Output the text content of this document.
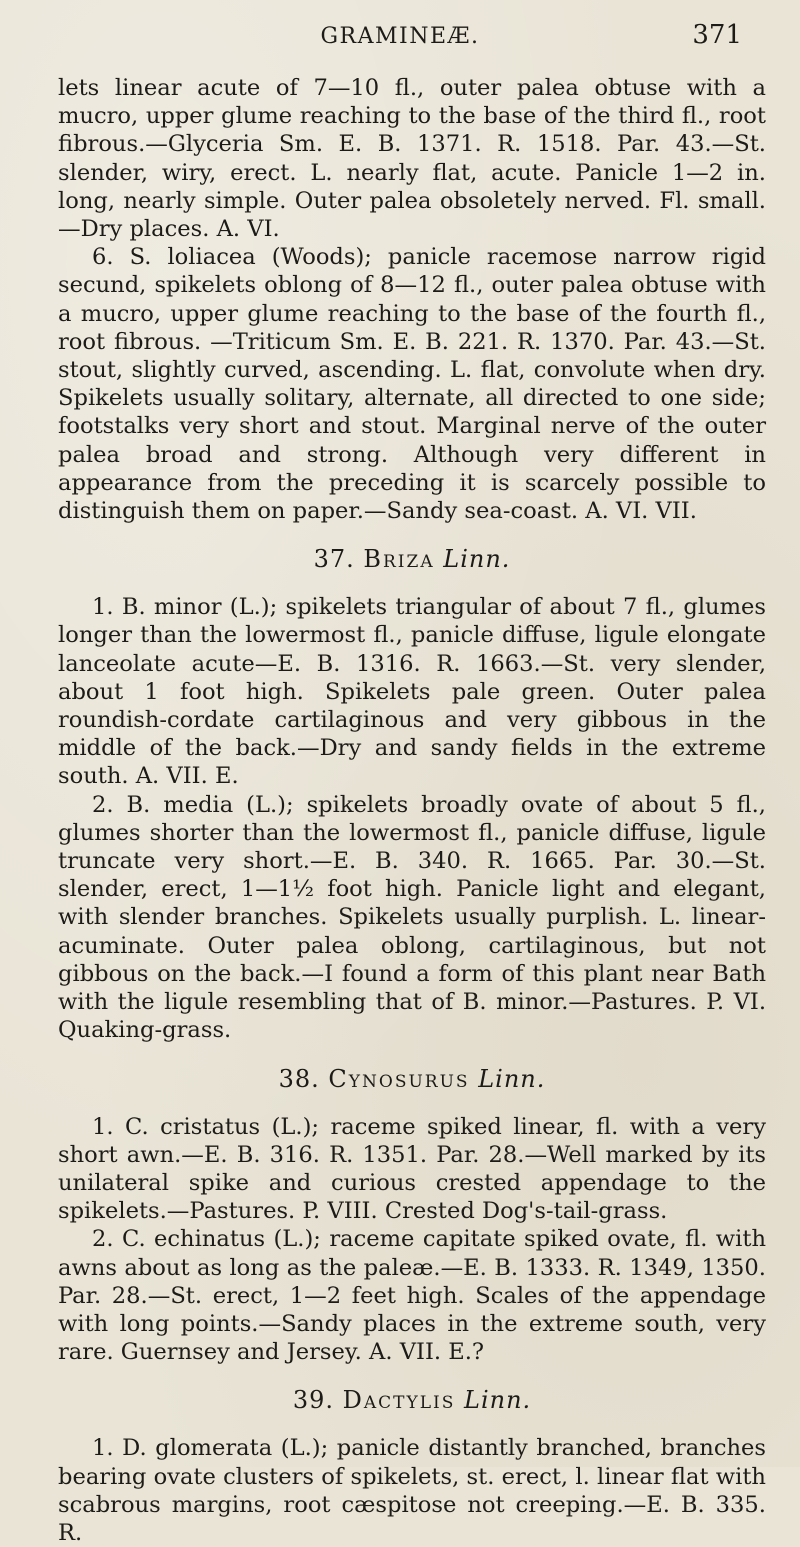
GRAMINEÆ.	371

lets linear acute of 7—10 fl., outer palea obtuse with a mucro, upper glume reaching to the base of the third fl., root fibrous.—Glyceria Sm. E. B. 1371. R. 1518. Par. 43.—St. slender, wiry, erect. L. nearly flat, acute. Panicle 1—2 in. long, nearly simple. Outer palea obsoletely nerved. Fl. small.—Dry places. A. VI.

6. S. loliacea (Woods); panicle racemose narrow rigid secund, spikelets oblong of 8—12 fl., outer palea obtuse with a mucro, upper glume reaching to the base of the fourth fl., root fibrous. —Triticum Sm. E. B. 221. R. 1370. Par. 43.—St. stout, slightly curved, ascending. L. flat, convolute when dry. Spikelets usually solitary, alternate, all directed to one side; footstalks very short and stout. Marginal nerve of the outer palea broad and strong. Although very different in appearance from the preceding it is scarcely possible to distinguish them on paper.—Sandy sea-coast. A. VI. VII.

37. Briza Linn.

1. B. minor (L.); spikelets triangular of about 7 fl., glumes longer than the lowermost fl., panicle diffuse, ligule elongate lanceolate acute—E. B. 1316. R. 1663.—St. very slender, about 1 foot high. Spikelets pale green. Outer palea roundish-cordate cartilaginous and very gibbous in the middle of the back.—Dry and sandy fields in the extreme south. A. VII. E.

2. B. media (L.); spikelets broadly ovate of about 5 fl., glumes shorter than the lowermost fl., panicle diffuse, ligule truncate very short.—E. B. 340. R. 1665. Par. 30.—St. slender, erect, 1—1½ foot high. Panicle light and elegant, with slender branches. Spikelets usually purplish. L. linear-acuminate. Outer palea oblong, cartilaginous, but not gibbous on the back.—I found a form of this plant near Bath with the ligule resembling that of B. minor.—Pastures. P. VI. Quaking-grass.

38. Cynosurus Linn.

1. C. cristatus (L.); raceme spiked linear, fl. with a very short awn.—E. B. 316. R. 1351. Par. 28.—Well marked by its unilateral spike and curious crested appendage to the spikelets.—Pastures. P. VIII. Crested Dog's-tail-grass.

2. C. echinatus (L.); raceme capitate spiked ovate, fl. with awns about as long as the paleæ.—E. B. 1333. R. 1349, 1350. Par. 28.—St. erect, 1—2 feet high. Scales of the appendage with long points.—Sandy places in the extreme south, very rare. Guernsey and Jersey. A. VII. E.?

39. Dactylis Linn.

1. D. glomerata (L.); panicle distantly branched, branches bearing ovate clusters of spikelets, st. erect, l. linear flat with scabrous margins, root cæspitose not creeping.—E. B. 335. R.
